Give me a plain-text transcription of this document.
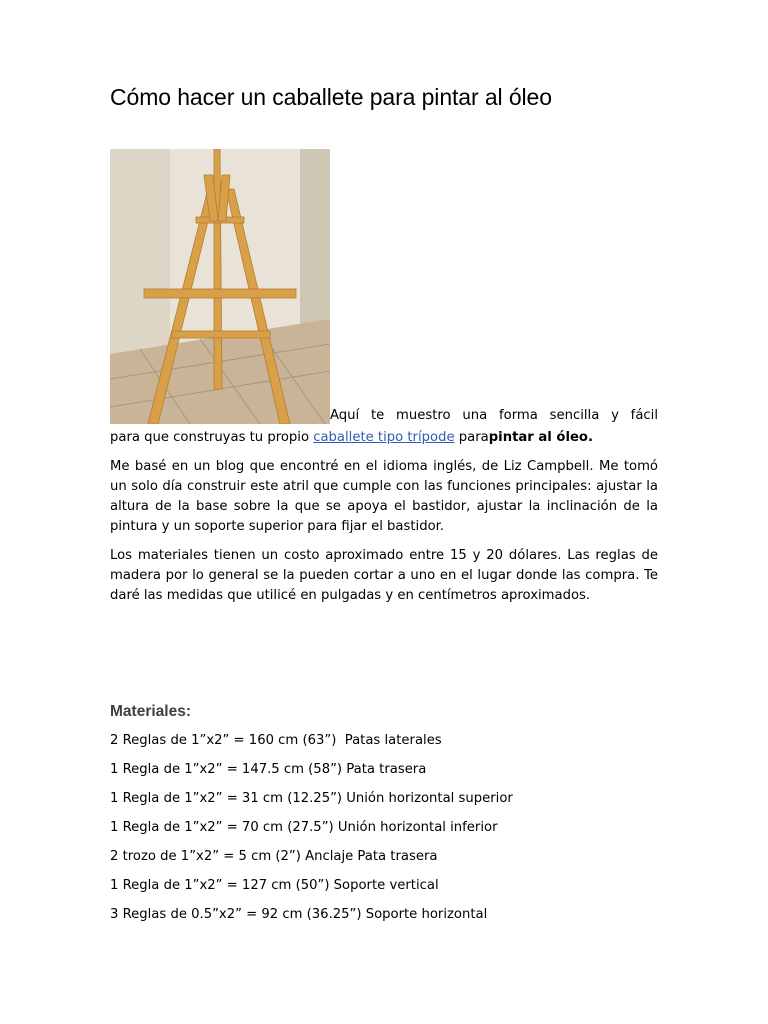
Cómo hacer un caballete para pintar al óleo
Aquí te muestro una forma sencilla y fácil
para que construyas tu propio caballete tipo trípode parapintar al óleo.

Me basé en un blog que encontré en el idioma inglés, de Liz Campbell. Me tomó un solo día construir este atril que cumple con las funciones principales: ajustar la altura de la base sobre la que se apoya el bastidor, ajustar la inclinación de la pintura y un soporte superior para fijar el bastidor.

Los materiales tienen un costo aproximado entre 15 y 20 dólares. Las reglas de madera por lo general se la pueden cortar a uno en el lugar donde las compra. Te daré las medidas que utilicé en pulgadas y en centímetros aproximados.

Materiales:
2 Reglas de 1”x2” = 160 cm (63”)  Patas laterales
1 Regla de 1”x2” = 147.5 cm (58”) Pata trasera
1 Regla de 1”x2” = 31 cm (12.25”) Unión horizontal superior
1 Regla de 1”x2” = 70 cm (27.5”) Unión horizontal inferior
2 trozo de 1”x2” = 5 cm (2”) Anclaje Pata trasera
1 Regla de 1”x2” = 127 cm (50”) Soporte vertical
3 Reglas de 0.5”x2” = 92 cm (36.25”) Soporte horizontal
